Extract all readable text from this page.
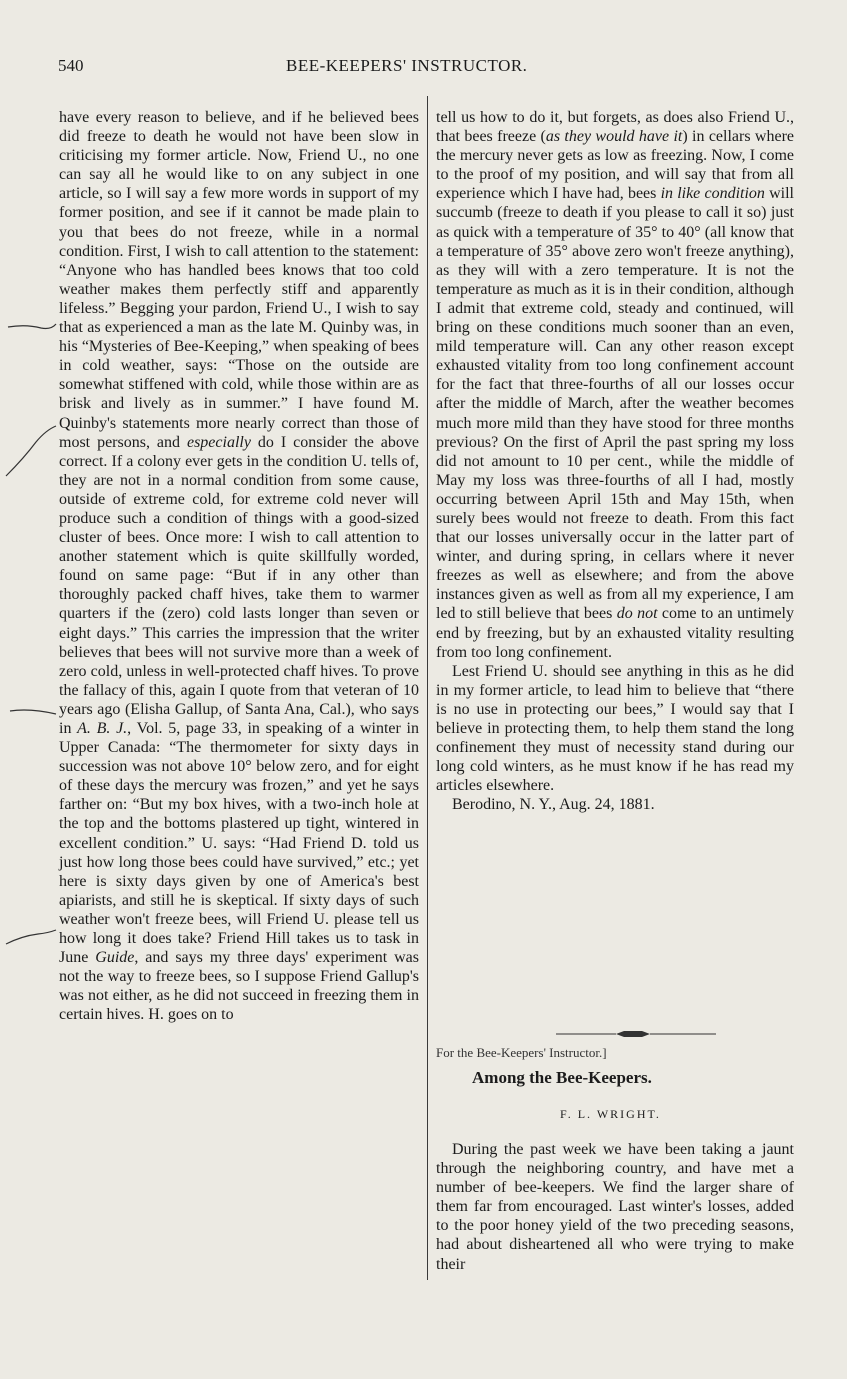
540	BEE-KEEPERS' INSTRUCTOR.

have every reason to believe, and if he believed bees did freeze to death he would not have been slow in criticising my former article. Now, Friend U., no one can say all he would like to on any subject in one article, so I will say a few more words in support of my former position, and see if it cannot be made plain to you that bees do not freeze, while in a normal condition. First, I wish to call attention to the statement: “Anyone who has handled bees knows that too cold weather makes them perfectly stiff and apparently lifeless.” Begging your pardon, Friend U., I wish to say that as experienced a man as the late M. Quinby was, in his “Mysteries of Bee-Keeping,” when speaking of bees in cold weather, says: “Those on the outside are somewhat stiffened with cold, while those within are as brisk and lively as in summer.” I have found M. Quinby's statements more nearly correct than those of most persons, and especially do I consider the above correct. If a colony ever gets in the condition U. tells of, they are not in a normal condition from some cause, outside of extreme cold, for extreme cold never will produce such a condition of things with a good-sized cluster of bees. Once more: I wish to call attention to another statement which is quite skillfully worded, found on same page: “But if in any other than thoroughly packed chaff hives, take them to warmer quarters if the (zero) cold lasts longer than seven or eight days.” This carries the impression that the writer believes that bees will not survive more than a week of zero cold, unless in well-protected chaff hives. To prove the fallacy of this, again I quote from that veteran of 10 years ago (Elisha Gallup, of Santa Ana, Cal.), who says in A. B. J., Vol. 5, page 33, in speaking of a winter in Upper Canada: “The thermometer for sixty days in succession was not above 10° below zero, and for eight of these days the mercury was frozen,” and yet he says farther on: “But my box hives, with a two-inch hole at the top and the bottoms plastered up tight, wintered in excellent condition.” U. says: “Had Friend D. told us just how long those bees could have survived,” etc.; yet here is sixty days given by one of America's best apiarists, and still he is skeptical. If sixty days of such weather won't freeze bees, will Friend U. please tell us how long it does take? Friend Hill takes us to task in June Guide, and says my three days' experiment was not the way to freeze bees, so I suppose Friend Gallup's was not either, as he did not succeed in freezing them in certain hives. H. goes on to

tell us how to do it, but forgets, as does also Friend U., that bees freeze (as they would have it) in cellars where the mercury never gets as low as freezing. Now, I come to the proof of my position, and will say that from all experience which I have had, bees in like condition will succumb (freeze to death if you please to call it so) just as quick with a temperature of 35° to 40° (all know that a temperature of 35° above zero won't freeze anything), as they will with a zero temperature. It is not the temperature as much as it is in their condition, although I admit that extreme cold, steady and continued, will bring on these conditions much sooner than an even, mild temperature will. Can any other reason except exhausted vitality from too long confinement account for the fact that three-fourths of all our losses occur after the middle of March, after the weather becomes much more mild than they have stood for three months previous? On the first of April the past spring my loss did not amount to 10 per cent., while the middle of May my loss was three-fourths of all I had, mostly occurring between April 15th and May 15th, when surely bees would not freeze to death. From this fact that our losses universally occur in the latter part of winter, and during spring, in cellars where it never freezes as well as elsewhere; and from the above instances given as well as from all my experience, I am led to still believe that bees do not come to an untimely end by freezing, but by an exhausted vitality resulting from too long confinement.

Lest Friend U. should see anything in this as he did in my former article, to lead him to believe that “there is no use in protecting our bees,” I would say that I believe in protecting them, to help them stand the long confinement they must of necessity stand during our long cold winters, as he must know if he has read my articles elsewhere.

Berodino, N. Y., Aug. 24, 1881.

For the Bee-Keepers' Instructor.]
Among the Bee-Keepers.
F. L. WRIGHT.

During the past week we have been taking a jaunt through the neighboring country, and have met a number of bee-keepers. We find the larger share of them far from encouraged. Last winter's losses, added to the poor honey yield of the two preceding seasons, had about disheartened all who were trying to make their
